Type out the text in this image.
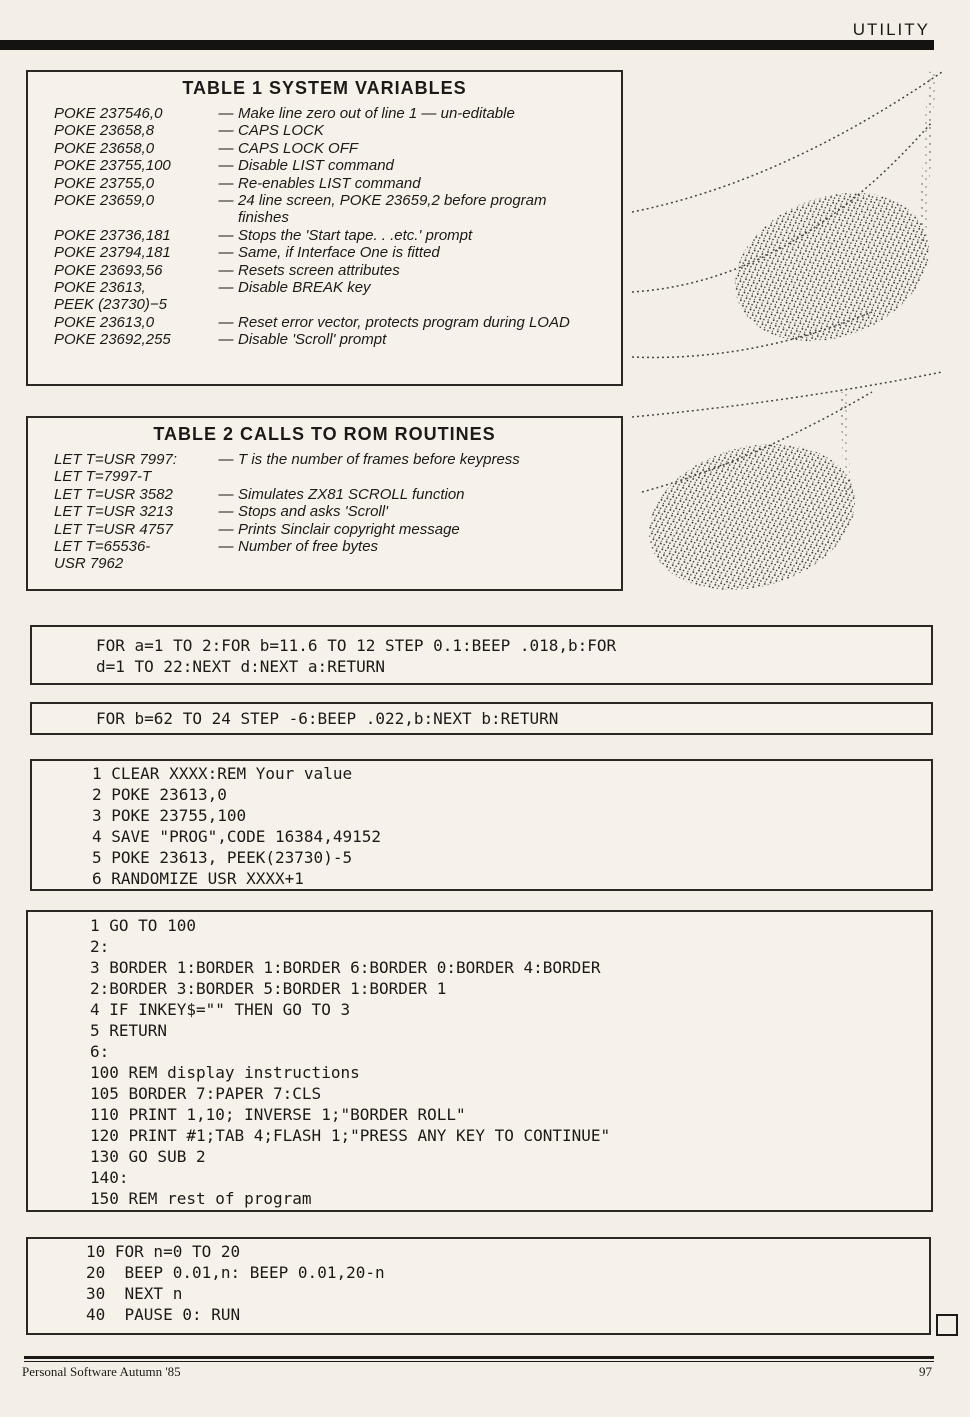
UTILITY
TABLE 1 SYSTEM VARIABLES
POKE 237546,0	— Make line zero out of line 1 — un-editable
POKE 23658,8	— CAPS LOCK
POKE 23658,0	— CAPS LOCK OFF
POKE 23755,100	— Disable LIST command
POKE 23755,0	— Re-enables LIST command
POKE 23659,0	— 24 line screen, POKE 23659,2 before program finishes
POKE 23736,181	— Stops the 'Start tape. . .etc.' prompt
POKE 23794,181	— Same, if Interface One is fitted
POKE 23693,56	— Resets screen attributes
POKE 23613,	— Disable BREAK key
PEEK (23730)−5
POKE 23613,0	— Reset error vector, protects program during LOAD
POKE 23692,255	— Disable 'Scroll' prompt
TABLE 2 CALLS TO ROM ROUTINES
LET T=USR 7997:	— T is the number of frames before keypress
LET T=7997-T
LET T=USR 3582	— Simulates ZX81 SCROLL function
LET T=USR 3213	— Stops and asks 'Scroll'
LET T=USR 4757	— Prints Sinclair copyright message
LET T=65536-	— Number of free bytes
USR 7962
FOR a=1 TO 2:FOR b=11.6 TO 12 STEP 0.1:BEEP .018,b:FOR
d=1 TO 22:NEXT d:NEXT a:RETURN
FOR b=62 TO 24 STEP -6:BEEP .022,b:NEXT b:RETURN
1 CLEAR XXXX:REM Your value
2 POKE 23613,0
3 POKE 23755,100
4 SAVE "PROG",CODE 16384,49152
5 POKE 23613, PEEK(23730)-5
6 RANDOMIZE USR XXXX+1
1 GO TO 100
2:
3 BORDER 1:BORDER 1:BORDER 6:BORDER 0:BORDER 4:BORDER
2:BORDER 3:BORDER 5:BORDER 1:BORDER 1
4 IF INKEY$="" THEN GO TO 3
5 RETURN
6:
100 REM display instructions
105 BORDER 7:PAPER 7:CLS
110 PRINT 1,10; INVERSE 1;"BORDER ROLL"
120 PRINT #1;TAB 4;FLASH 1;"PRESS ANY KEY TO CONTINUE"
130 GO SUB 2
140:
150 REM rest of program
10 FOR n=0 TO 20
20  BEEP 0.01,n: BEEP 0.01,20-n
30  NEXT n
40  PAUSE 0: RUN
Personal Software Autumn '85	97
